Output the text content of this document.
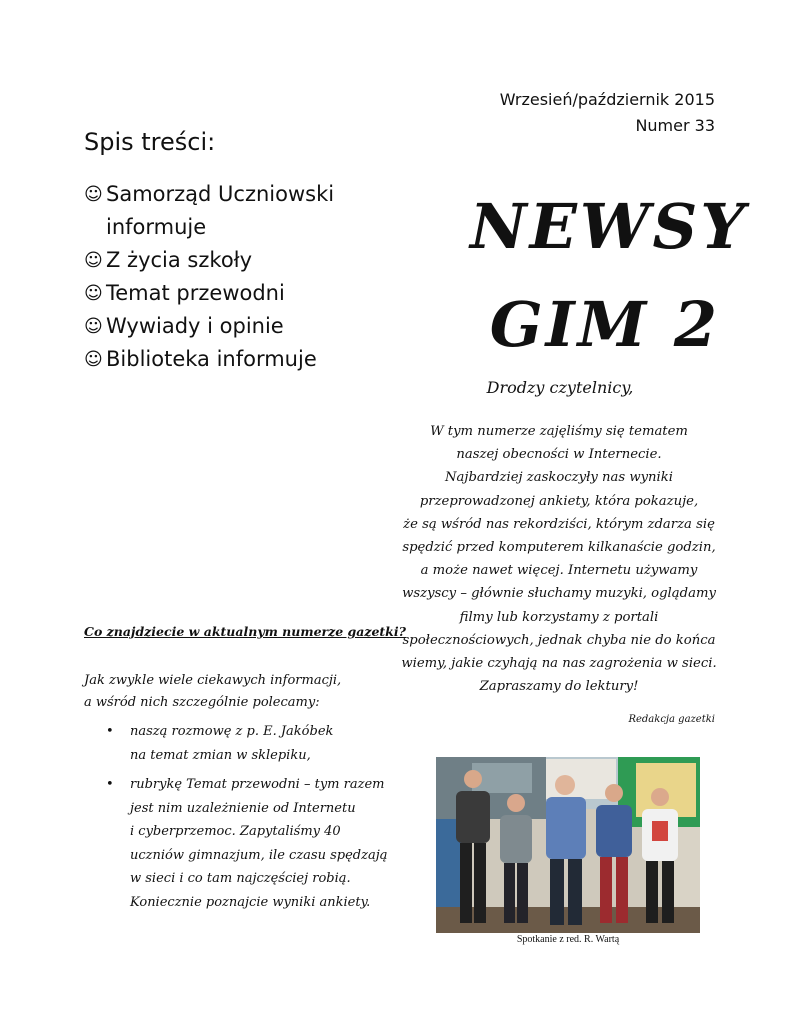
Wrzesień/październik 2015
Numer 33
Spis treści:
☺ Samorząd Uczniowski
informuje
☺ Z życia szkoły
☺ Temat przewodni
☺ Wywiady i opinie
☺ Biblioteka informuje
NEWSY
GIM 2
Drodzy czytelnicy,
W tym numerze zajęliśmy się tematem
naszej obecności w Internecie.
Najbardziej zaskoczyły nas wyniki
przeprowadzonej ankiety, która pokazuje,
że są wśród nas rekordziści, którym zdarza się
spędzić przed komputerem kilkanaście godzin,
a może nawet więcej. Internetu używamy
wszyscy – głównie słuchamy muzyki, oglądamy
filmy lub korzystamy z portali
społecznościowych, jednak chyba nie do końca
wiemy, jakie czyhają na nas zagrożenia w sieci.
Zapraszamy do lektury!
Redakcja gazetki
Co znajdziecie w aktualnym numerze gazetki?
Jak zwykle wiele ciekawych informacji,
a wśród nich szczególnie polecamy:
•	naszą rozmowę z p. E. Jakóbek
na temat zmian w sklepiku,
•	rubrykę Temat przewodni – tym razem
jest nim uzależnienie od Internetu
i cyberprzemoc. Zapytaliśmy 40
uczniów gimnazjum, ile czasu spędzają
w sieci i co tam najczęściej robią.
Koniecznie poznajcie wyniki ankiety.
Spotkanie z red. R. Wartą
